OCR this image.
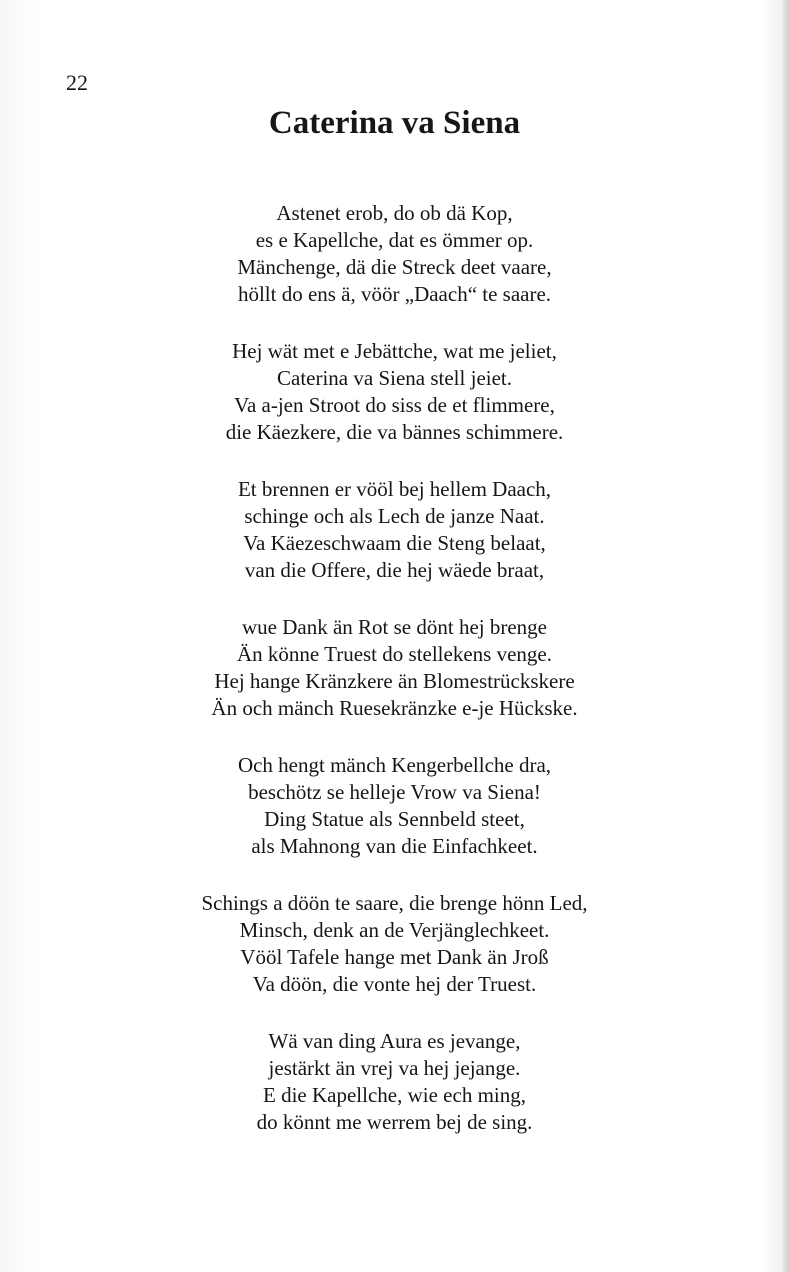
22
Caterina va Siena
Astenet erob, do ob dä Kop,
es e Kapellche, dat es ömmer op.
Mänchenge, dä die Streck deet vaare,
höllt do ens ä, vöör „Daach“ te saare.
Hej wät met e Jebättche, wat me jeliet,
Caterina va Siena stell jeiet.
Va a-jen Stroot do siss de et flimmere,
die Käezkere, die va bännes schimmere.
Et brennen er vööl bej hellem Daach,
schinge och als Lech de janze Naat.
Va Käezeschwaam die Steng belaat,
van die Offere, die hej wäede braat,
wue Dank än Rot se dönt hej brenge
Än könne Truest do stellekens venge.
Hej hange Kränzkere än Blomestrückskere
Än och mänch Ruesekränzke e-je Hückske.
Och hengt mänch Kengerbellche dra,
beschötz se helleje Vrow va Siena!
Ding Statue als Sennbeld steet,
als Mahnong van die Einfachkeet.
Schings a döön te saare, die brenge hönn Led,
Minsch, denk an de Verjänglechkeet.
Vööl Tafele hange met Dank än Jroß
Va döön, die vonte hej der Truest.
Wä van ding Aura es jevange,
jestärkt än vrej va hej jejange.
E die Kapellche, wie ech ming,
do könnt me werrem bej de sing.
